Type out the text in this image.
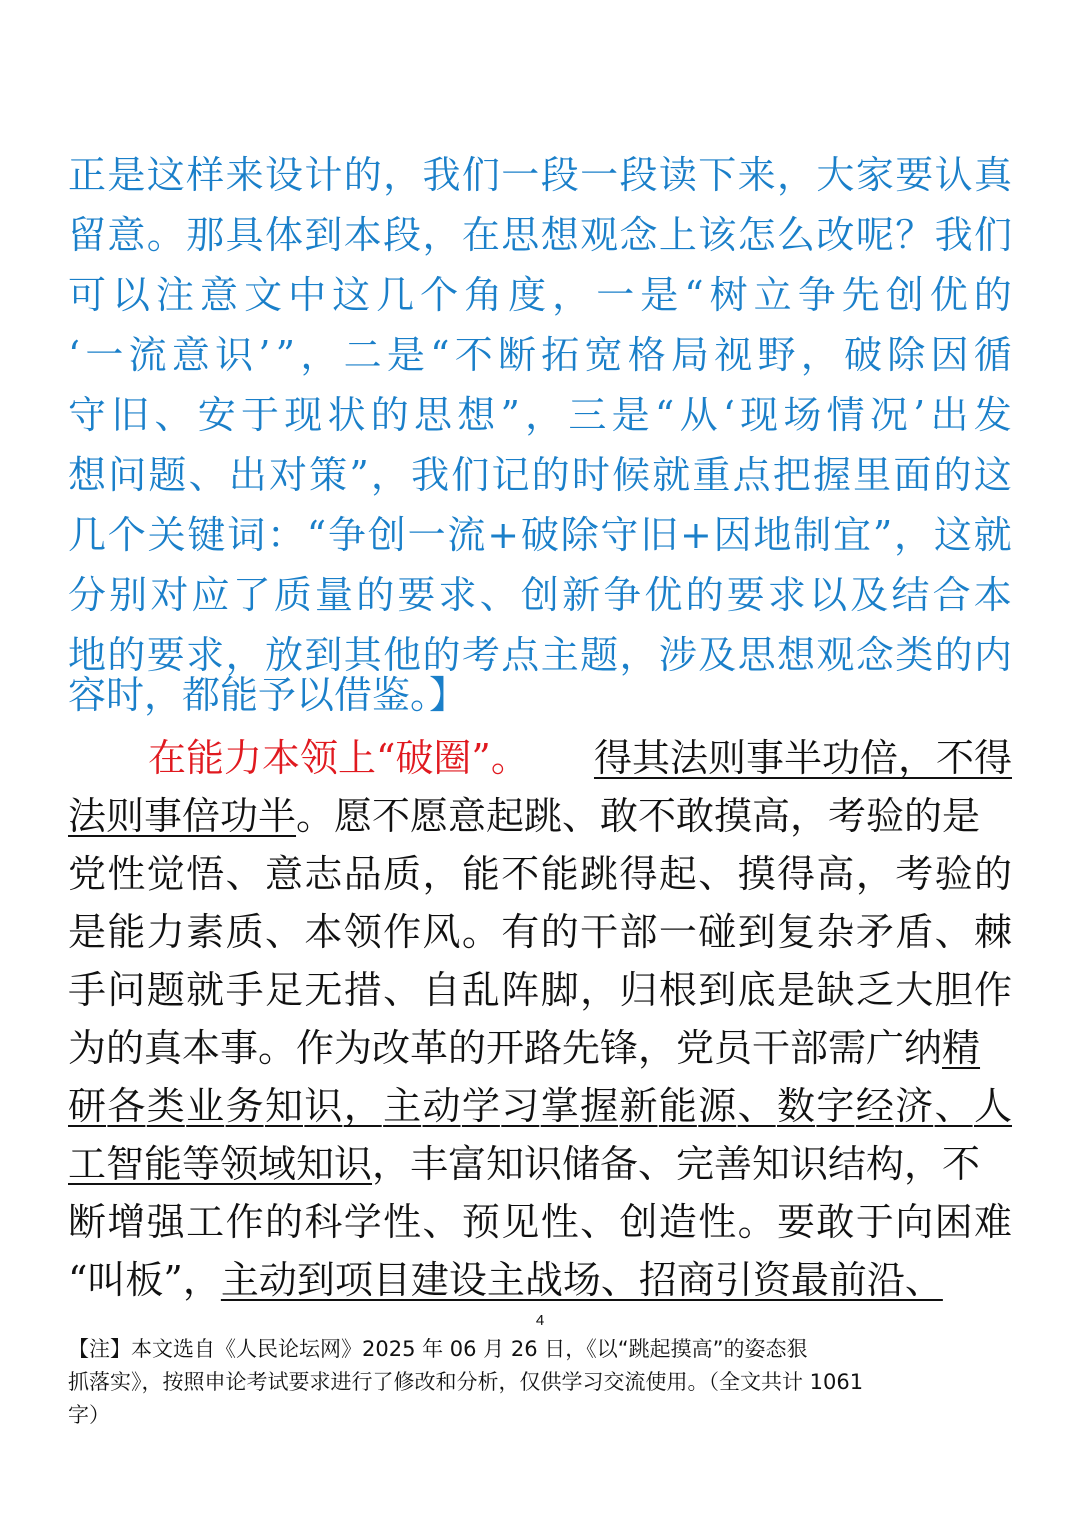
正 是 这 样 来 设 计 的 ， 我 们 一 段 一 段 读 下 来 ， 大 家 要 认 真
留 意 。 那 具 体 到 本 段 ， 在 思 想 观 念 上 该 怎 么 改 呢 ？ 我 们
可 以 注 意 文 中 这 几 个 角 度 ， 一 是 “ 树 立 争 先 创 优 的
‘ 一 流 意 识 ’ ” ， 二 是 “ 不 断 拓 宽 格 局 视 野 ， 破 除 因 循
守 旧 、 安 于 现 状 的 思 想 ” ， 三 是 “ 从 ‘ 现 场 情 况 ’ 出 发
想 问 题 、 出 对 策 ” ， 我 们 记 的 时 候 就 重 点 把 握 里 面 的 这
几 个 关 键 词 ： “ 争 创 一 流 + 破 除 守 旧 + 因 地 制 宜 ” ， 这 就
分 别 对 应 了 质 量 的 要 求 、 创 新 争 优 的 要 求 以 及 结 合 本
地 的 要 求 ， 放 到 其 他 的 考 点 主 题 ， 涉 及 思 想 观 念 类 的 内
容时，都能予以借鉴。】
在能力本领上“破圈”。 得其法则事半功倍，不得
法则事倍功半。愿不愿意起跳、敢不敢摸高，考验的是
党 性 觉 悟 、 意 志 品 质 ， 能 不 能 跳 得 起 、 摸 得 高 ， 考 验 的
是 能 力 素 质 、 本 领 作 风 。 有 的 干 部 一 碰 到 复 杂 矛 盾 、 棘
手 问 题 就 手 足 无 措 、 自 乱 阵 脚 ， 归 根 到 底 是 缺 乏 大 胆 作
为的真本事。作为改革的开路先锋，党员干部需广纳精
研 各 类 业 务 知 识 ， 主 动 学 习 掌 握 新 能 源 、 数 字 经 济 、 人
工智能等领域知识，丰富知识储备、完善知识结构，不
断 增 强 工 作 的 科 学 性 、 预 见 性 、 创 造 性 。 要 敢 于 向 困 难
“叫板”，主动到项目建设主战场、招商引资最前沿、
4
【注】本文选自《人民论坛网》2025 年 06 月 26 日，《以“跳起摸高”的姿态狠
抓落实》，按照申论考试要求进行了修改和分析，仅供学习交流使用。（全文共计 1061
字）
